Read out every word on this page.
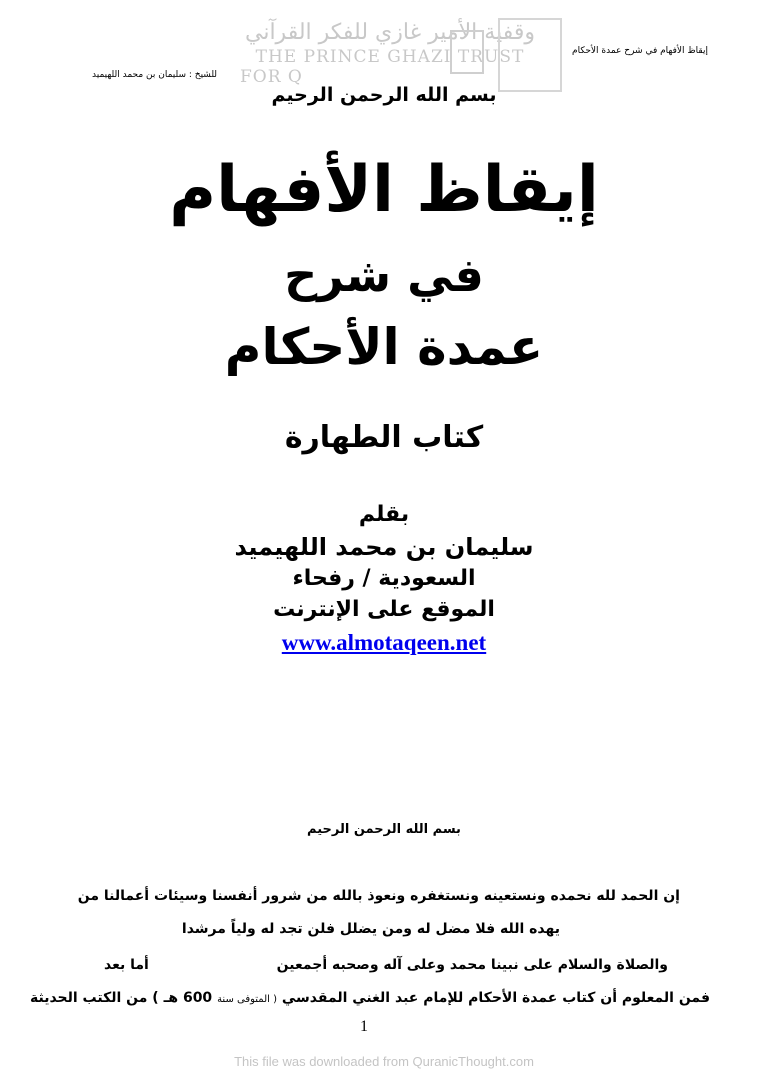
إيقاظ الأفهام في شرح عمدة الأحكام
للشيخ : سليمان بن محمد اللهيميد
وقفية الأمير غازي للفكر القرآني
THE PRINCE GHAZI TRUST
FOR Q
بسم الله الرحمن الرحيم
إيقاظ الأفهام
في شرح
عمدة الأحكام
كتاب الطهارة
بقلم
سليمان بن محمد اللهيميد
السعودية / رفحاء
الموقع على الإنترنت
www.almotaqeen.net
بسم الله الرحمن الرحيم
إن الحمد لله نحمده ونستعينه ونستغفره ونعوذ بالله من شرور أنفسنا وسيئات أعمالنا من
يهده الله فلا مضل له ومن يضلل فلن تجد له ولياً مرشدا
والصلاة والسلام على نبينا محمد وعلى آله وصحبه أجمعين
أما بعد
فمن المعلوم أن كتاب عمدة الأحكام للإمام عبد الغني المقدسي ( المتوفى سنة 600 هـ ) من الكتب الحديثة
1
This file was downloaded from QuranicThought.com
